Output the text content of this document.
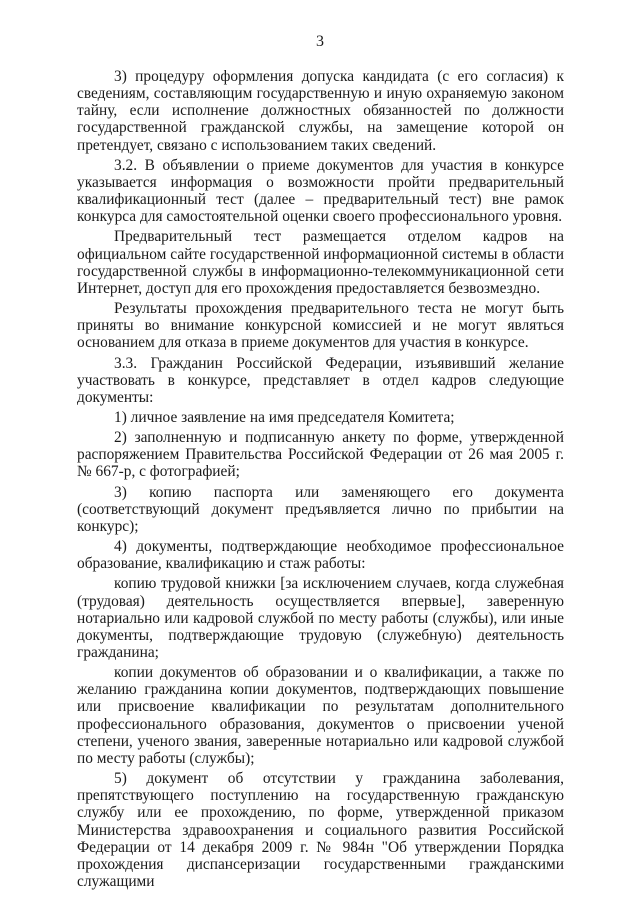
3

3) процедуру оформления допуска кандидата (с его согласия) к сведениям, составляющим государственную и иную охраняемую законом тайну, если исполнение должностных обязанностей по должности государственной гражданской службы, на замещение которой он претендует, связано с использованием таких сведений.

3.2. В объявлении о приеме документов для участия в конкурсе указывается информация о возможности пройти предварительный квалификационный тест (далее – предварительный тест) вне рамок конкурса для самостоятельной оценки своего профессионального уровня.

Предварительный тест размещается отделом кадров на официальном сайте государственной информационной системы в области государственной службы в информационно-телекоммуникационной сети Интернет, доступ для его прохождения предоставляется безвозмездно.

Результаты прохождения предварительного теста не могут быть приняты во внимание конкурсной комиссией и не могут являться основанием для отказа в приеме документов для участия в конкурсе.

3.3. Гражданин Российской Федерации, изъявивший желание участвовать в конкурсе, представляет в отдел кадров следующие документы:

1) личное заявление на имя председателя Комитета;

2) заполненную и подписанную анкету по форме, утвержденной распоряжением Правительства Российской Федерации от 26 мая 2005 г. № 667-р, с фотографией;

3) копию паспорта или заменяющего его документа (соответствующий документ предъявляется лично по прибытии на конкурс);

4) документы, подтверждающие необходимое профессиональное образование, квалификацию и стаж работы:

копию трудовой книжки [за исключением случаев, когда служебная (трудовая) деятельность осуществляется впервые], заверенную нотариально или кадровой службой по месту работы (службы), или иные документы, подтверждающие трудовую (служебную) деятельность гражданина;

копии документов об образовании и о квалификации, а также по желанию гражданина копии документов, подтверждающих повышение или присвоение квалификации по результатам дополнительного профессионального образования, документов о присвоении ученой степени, ученого звания, заверенные нотариально или кадровой службой по месту работы (службы);

5) документ об отсутствии у гражданина заболевания, препятствующего поступлению на государственную гражданскую службу или ее прохождению, по форме, утвержденной приказом Министерства здравоохранения и социального развития Российской Федерации от 14 декабря 2009 г. № 984н "Об утверждении Порядка прохождения диспансеризации государственными гражданскими служащими
